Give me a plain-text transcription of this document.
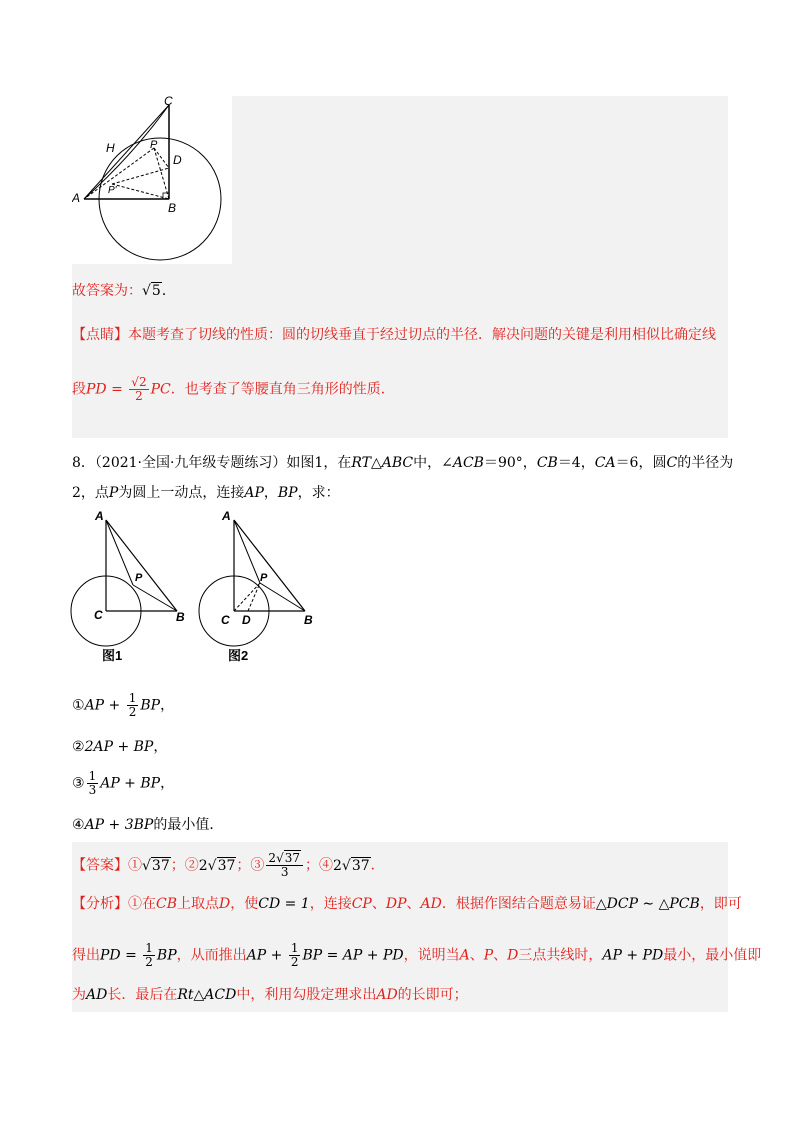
C
H	P
D
P'
A
B
故答案为：√5．
【点睛】本题考查了切线的性质：圆的切线垂直于经过切点的半径．解决问题的关键是利用相似比确定线
段PD = $\frac{√2}{2}$ PC．也考查了等腰直角三角形的性质．
8．（2021·全国·九年级专题练习）如图1，在RT△ABC中，∠ACB＝90°，CB＝4，CA＝6，圆C的半径为
2，点P为圆上一动点，连接AP，BP，求：
A
P
C	B
图1
A
P
C D	B
图2
①AP + $\frac{1}{2}$ BP，
②2AP + BP，
③ $\frac{1}{3}$ AP + BP，
④AP + 3BP的最小值．
【答案】①√37；②2√37；③ $\frac{2√37}{3}$ ；④2√37．
【分析】①在CB上取点D，使CD = 1，连接CP、DP、AD．根据作图结合题意易证△DCP ∼ △PCB，即可
得出PD = $\frac{1}{2}$ BP，从而推出AP + $\frac{1}{2}$ BP = AP + PD，说明当A、P、D三点共线时，AP + PD最小，最小值即
为AD长．最后在Rt△ACD中，利用勾股定理求出AD的长即可；
